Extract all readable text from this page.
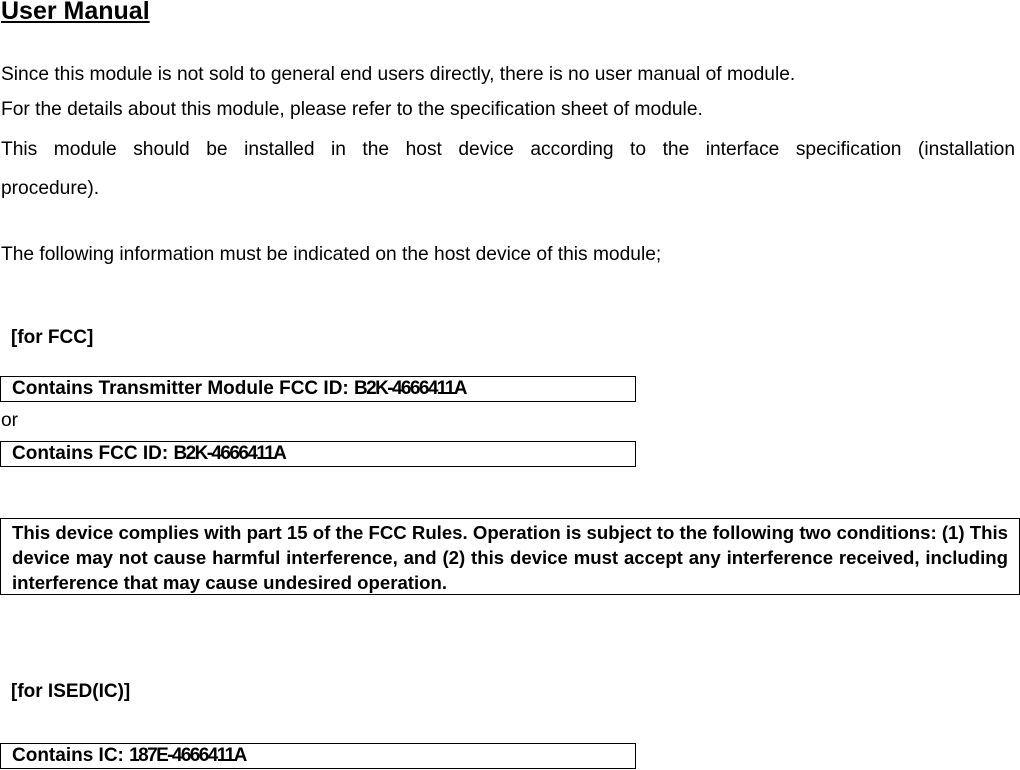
User Manual
Since this module is not sold to general end users directly, there is no user manual of module.
For the details about this module, please refer to the specification sheet of module.
This module should be installed in the host device according to the interface specification (installation
procedure).
The following information must be indicated on the host device of this module;
[for FCC]
Contains Transmitter Module FCC ID: B2K-4666411A
or
Contains FCC ID: B2K-4666411A

This device complies with part 15 of the FCC Rules. Operation is subject to the following two conditions: (1) This device may not cause harmful interference, and (2) this device must accept any interference received, including interference that may cause undesired operation.

[for ISED(IC)]
Contains IC: 187E-4666411A
